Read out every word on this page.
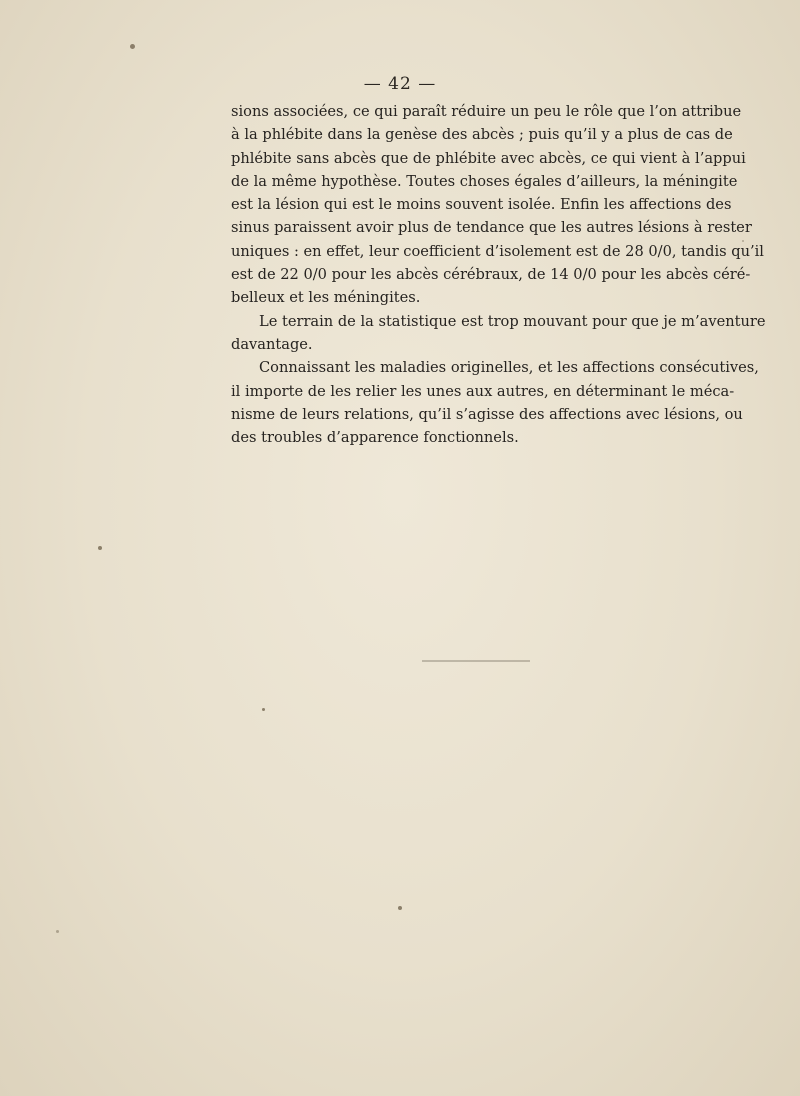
— 42 —
sions associées, ce qui paraît réduire un peu le rôle que l’on attribue
à la phlébite dans la genèse des abcès ; puis qu’il y a plus de cas de
phlébite sans abcès que de phlébite avec abcès, ce qui vient à l’appui
de la même hypothèse. Toutes choses égales d’ailleurs, la méningite
est la lésion qui est le moins souvent isolée. Enfin les affections des
sinus paraissent avoir plus de tendance que les autres lésions à rester
uniques : en effet, leur coefficient d’isolement est de 28 0/0, tandis qu’il
est de 22 0/0 pour les abcès cérébraux, de 14 0/0 pour les abcès céré-
belleux et les méningites.
Le terrain de la statistique est trop mouvant pour que je m’aventure
davantage.
Connaissant les maladies originelles, et les affections consécutives,
il importe de les relier les unes aux autres, en déterminant le méca-
nisme de leurs relations, qu’il s’agisse des affections avec lésions, ou
des troubles d’apparence fonctionnels.
